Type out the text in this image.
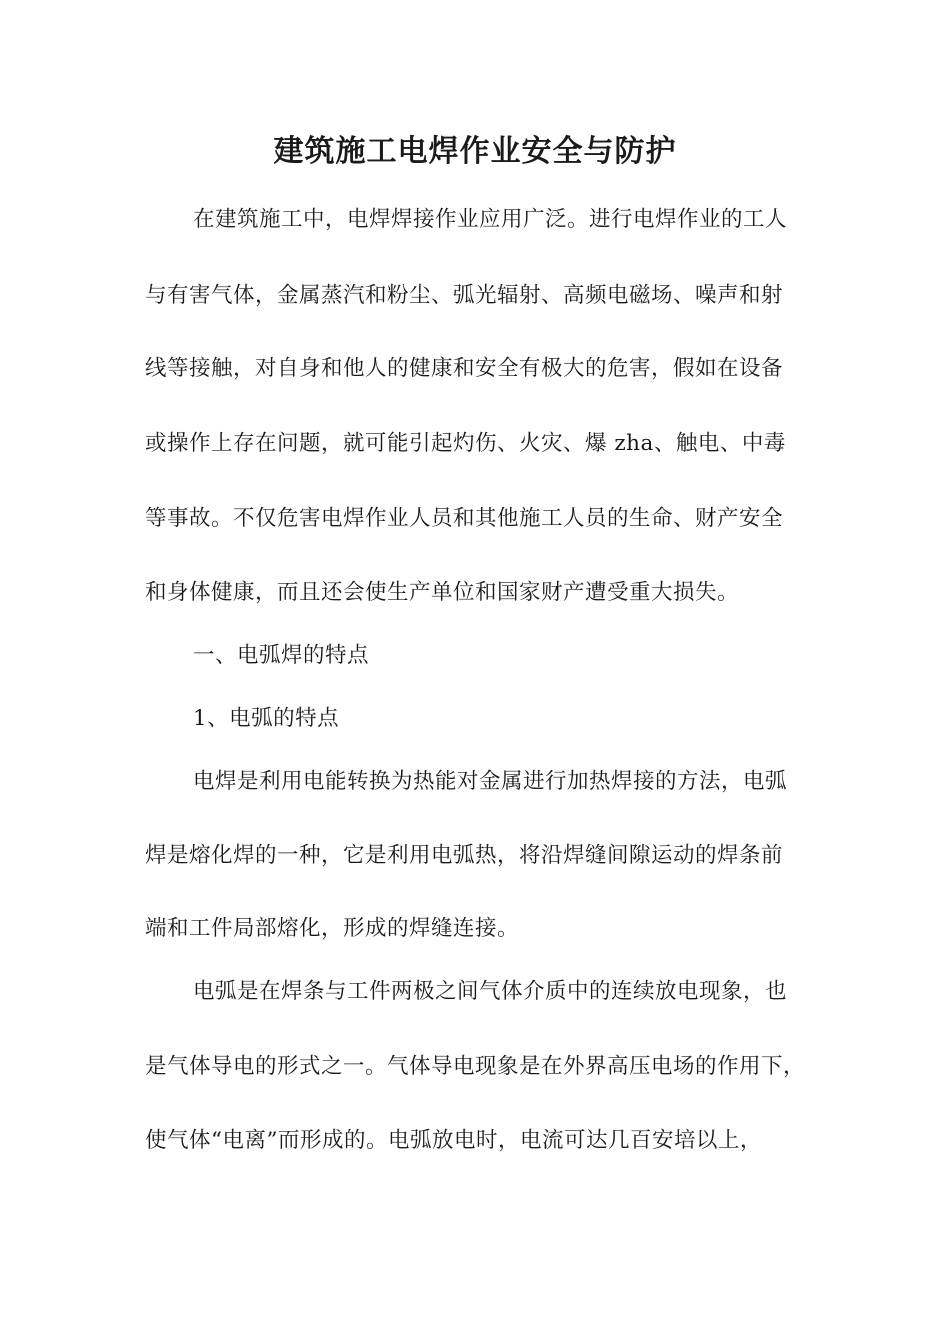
建筑施工电焊作业安全与防护

在建筑施工中，电焊焊接作业应用广泛。进行电焊作业的工人

与有害气体，金属蒸汽和粉尘、弧光辐射、高频电磁场、噪声和射

线等接触，对自身和他人的健康和安全有极大的危害，假如在设备

或操作上存在问题，就可能引起灼伤、火灾、爆 zha、触电、中毒

等事故。不仅危害电焊作业人员和其他施工人员的生命、财产安全

和身体健康，而且还会使生产单位和国家财产遭受重大损失。

一、电弧焊的特点

1、电弧的特点

电焊是利用电能转换为热能对金属进行加热焊接的方法，电弧

焊是熔化焊的一种，它是利用电弧热，将沿焊缝间隙运动的焊条前

端和工件局部熔化，形成的焊缝连接。

电弧是在焊条与工件两极之间气体介质中的连续放电现象，也

是气体导电的形式之一。气体导电现象是在外界高压电场的作用下，

使气体“电离”而形成的。电弧放电时，电流可达几百安培以上，
